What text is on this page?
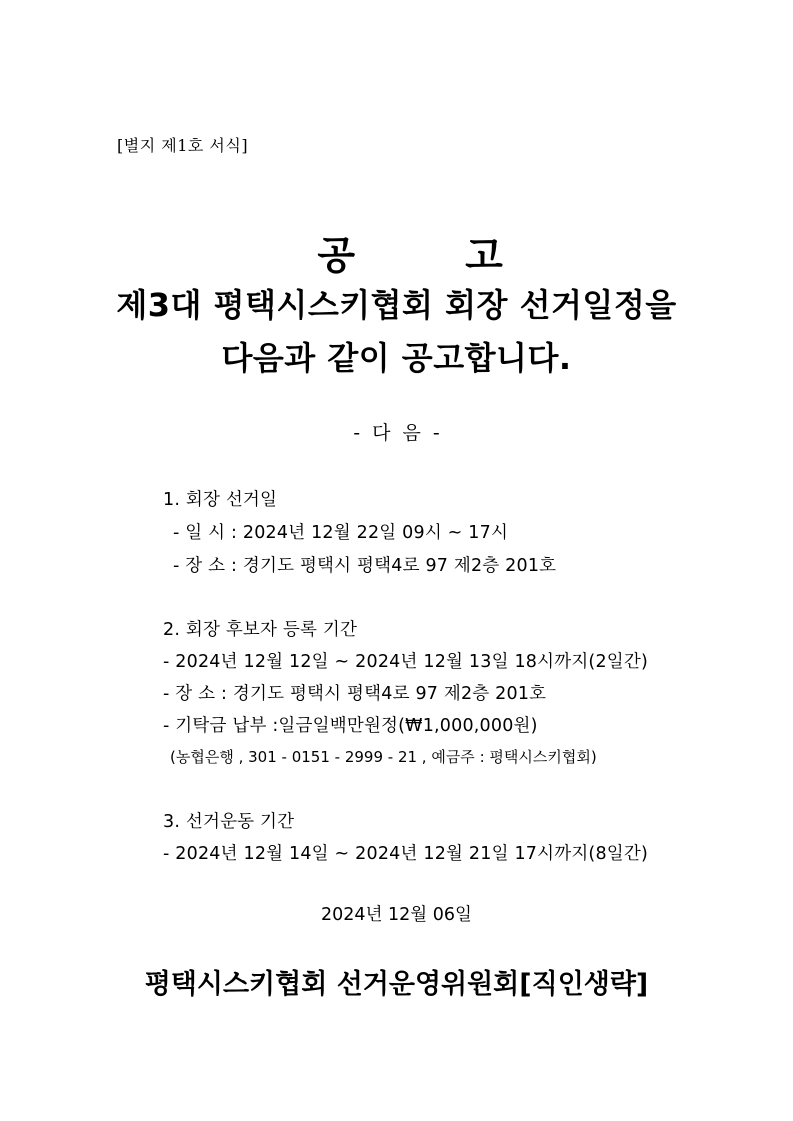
[별지 제1호 서식]

공	고

제3대 평택시스키협회 회장 선거일정을

다음과 같이 공고합니다.

- 다 음 -

1. 회장 선거일

- 일 시 : 2024년 12월 22일 09시 ~ 17시

- 장 소 : 경기도 평택시 평택4로 97 제2층 201호

2. 회장 후보자 등록 기간

- 2024년 12월 12일 ~ 2024년 12월 13일 18시까지(2일간)

- 장 소 : 경기도 평택시 평택4로 97 제2층 201호

- 기탁금 납부 :일금일백만원정(₩1,000,000원)

(농협은행 , 301 - 0151 - 2999 - 21 , 예금주 : 평택시스키협회)

3. 선거운동 기간

- 2024년 12월 14일 ~ 2024년 12월 21일 17시까지(8일간)

2024년 12월 06일

평택시스키협회 선거운영위원회[직인생략]
